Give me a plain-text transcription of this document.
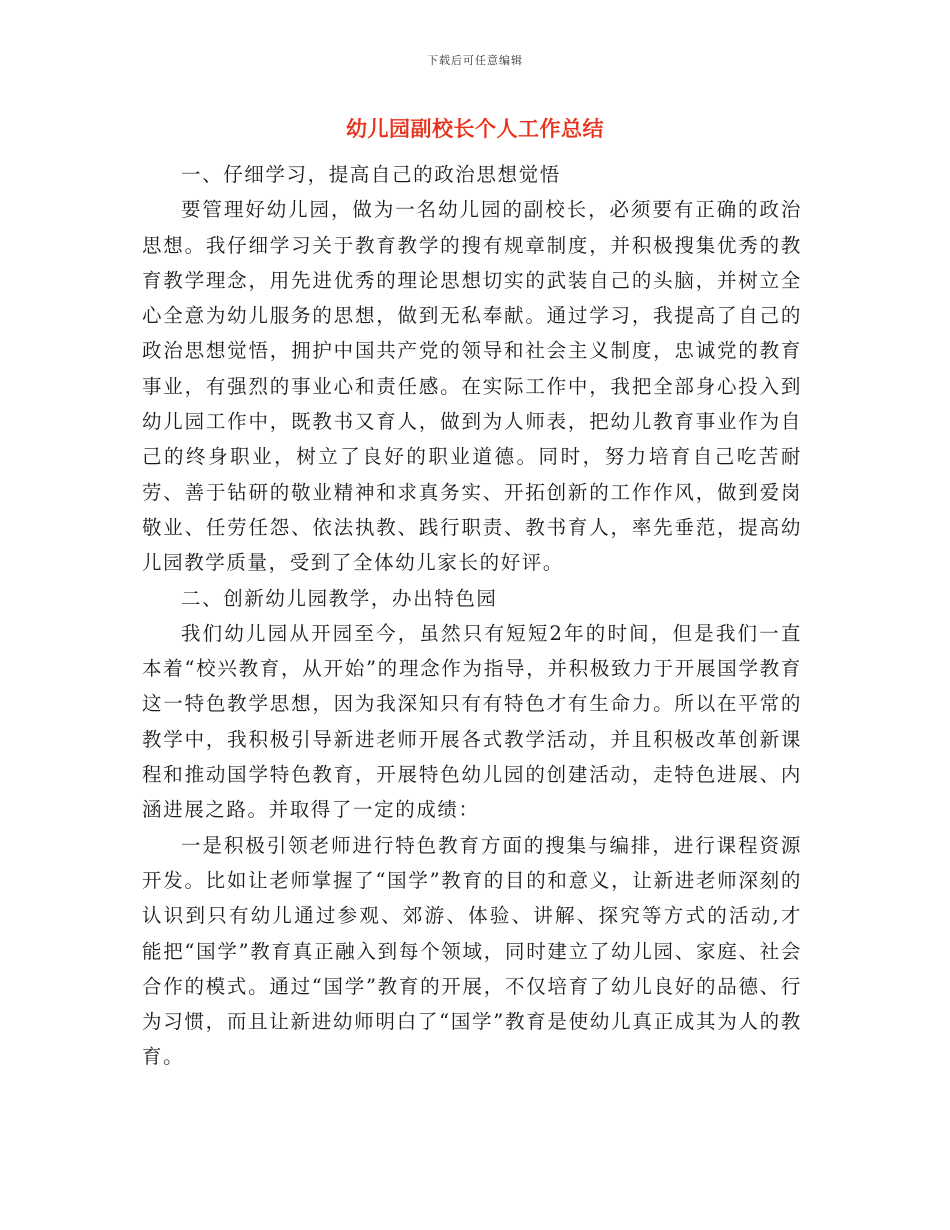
下载后可任意编辑
幼儿园副校长个人工作总结

一、仔细学习，提高自己的政治思想觉悟

要管理好幼儿园，做为一名幼儿园的副校长，必须要有正确的政治思想。我仔细学习关于教育教学的搜有规章制度，并积极搜集优秀的教育教学理念，用先进优秀的理论思想切实的武装自己的头脑，并树立全心全意为幼儿服务的思想，做到无私奉献。通过学习，我提高了自己的政治思想觉悟，拥护中国共产党的领导和社会主义制度，忠诚党的教育事业，有强烈的事业心和责任感。在实际工作中，我把全部身心投入到幼儿园工作中，既教书又育人，做到为人师表，把幼儿教育事业作为自己的终身职业，树立了良好的职业道德。同时，努力培育自己吃苦耐劳、善于钻研的敬业精神和求真务实、开拓创新的工作作风，做到爱岗敬业、任劳任怨、依法执教、践行职责、教书育人，率先垂范，提高幼儿园教学质量，受到了全体幼儿家长的好评。

二、创新幼儿园教学，办出特色园

我们幼儿园从开园至今，虽然只有短短2年的时间，但是我们一直本着“校兴教育，从开始”的理念作为指导，并积极致力于开展国学教育这一特色教学思想，因为我深知只有有特色才有生命力。所以在平常的教学中，我积极引导新进老师开展各式教学活动，并且积极改革创新课程和推动国学特色教育，开展特色幼儿园的创建活动，走特色进展、内涵进展之路。并取得了一定的成绩：

一是积极引领老师进行特色教育方面的搜集与编排，进行课程资源开发。比如让老师掌握了“国学”教育的目的和意义，让新进老师深刻的认识到只有幼儿通过参观、郊游、体验、讲解、探究等方式的活动,才能把“国学”教育真正融入到每个领域，同时建立了幼儿园、家庭、社会合作的模式。通过“国学”教育的开展，不仅培育了幼儿良好的品德、行为习惯，而且让新进幼师明白了“国学”教育是使幼儿真正成其为人的教育。
